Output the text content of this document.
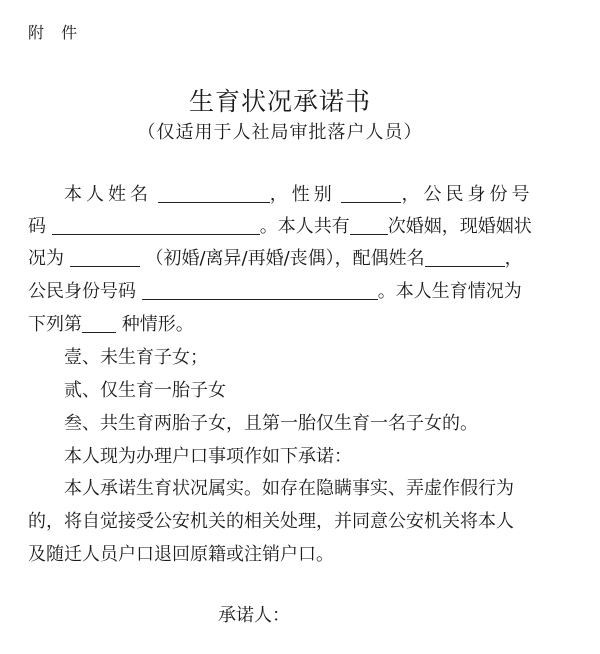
附 件
生育状况承诺书
（仅适用于人社局审批落户人员）
本人姓名	，性别	，公民身份号
码	。本人共有 次婚姻，现婚姻状
况为	（初婚/离异/再婚/丧偶），配偶姓名	，
公民身份号码	。本人生育情况为
下列第 种情形。
壹、未生育子女；
贰、仅生育一胎子女
叁、共生育两胎子女，且第一胎仅生育一名子女的。
本人现为办理户口事项作如下承诺：
本人承诺生育状况属实。如存在隐瞒事实、弄虚作假行为
的，将自觉接受公安机关的相关处理，并同意公安机关将本人
及随迁人员户口退回原籍或注销户口。
承诺人：
